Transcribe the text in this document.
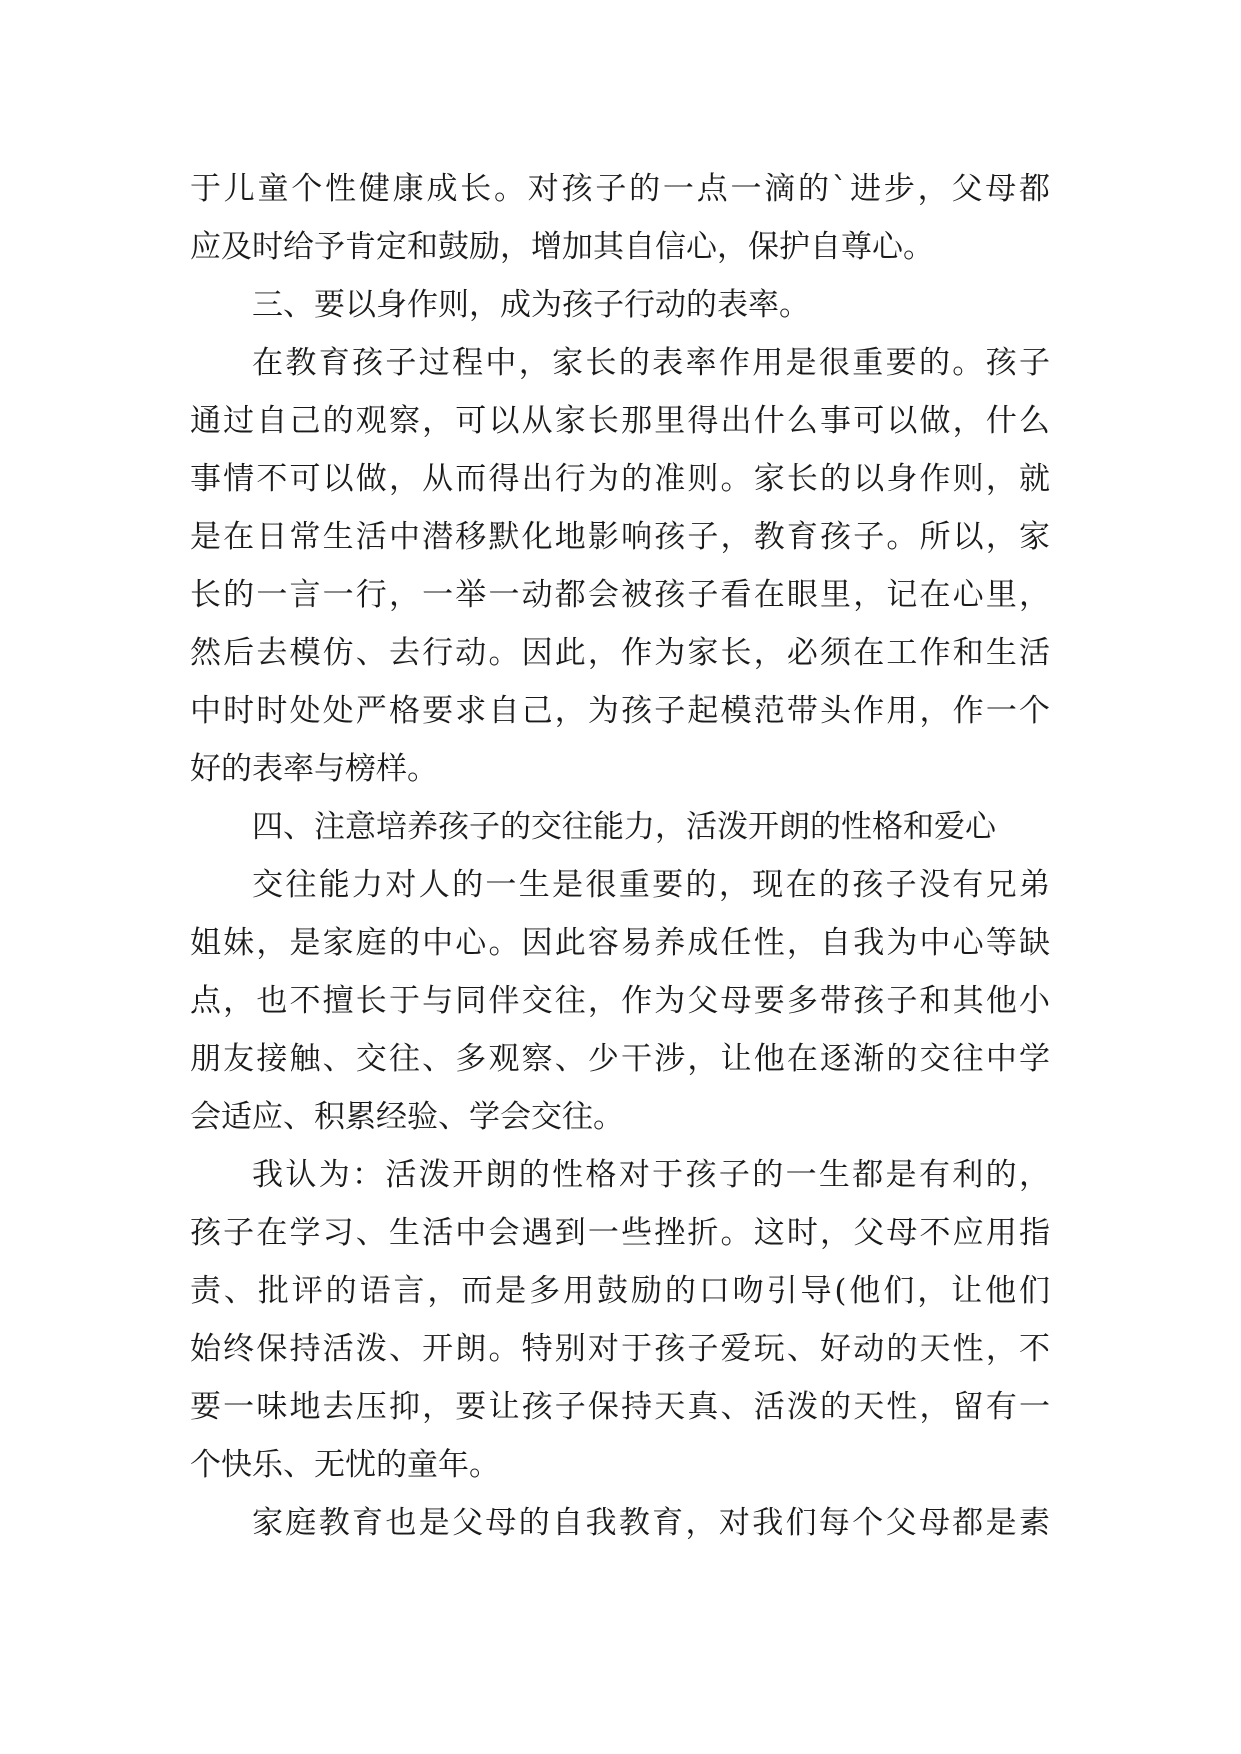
于儿童个性健康成长。对孩子的一点一滴的`进步，父母都
应及时给予肯定和鼓励，增加其自信心，保护自尊心。
三、要以身作则，成为孩子行动的表率。
在教育孩子过程中，家长的表率作用是很重要的。孩子
通过自己的观察，可以从家长那里得出什么事可以做，什么
事情不可以做，从而得出行为的准则。家长的以身作则，就
是在日常生活中潜移默化地影响孩子，教育孩子。所以，家
长的一言一行，一举一动都会被孩子看在眼里，记在心里，
然后去模仿、去行动。因此，作为家长，必须在工作和生活
中时时处处严格要求自己，为孩子起模范带头作用，作一个
好的表率与榜样。
四、注意培养孩子的交往能力，活泼开朗的性格和爱心
交往能力对人的一生是很重要的，现在的孩子没有兄弟
姐妹，是家庭的中心。因此容易养成任性，自我为中心等缺
点，也不擅长于与同伴交往，作为父母要多带孩子和其他小
朋友接触、交往、多观察、少干涉，让他在逐渐的交往中学
会适应、积累经验、学会交往。
我认为：活泼开朗的性格对于孩子的一生都是有利的，
孩子在学习、生活中会遇到一些挫折。这时，父母不应用指
责、批评的语言，而是多用鼓励的口吻引导(他们，让他们
始终保持活泼、开朗。特别对于孩子爱玩、好动的天性，不
要一味地去压抑，要让孩子保持天真、活泼的天性，留有一
个快乐、无忧的童年。
家庭教育也是父母的自我教育，对我们每个父母都是素
